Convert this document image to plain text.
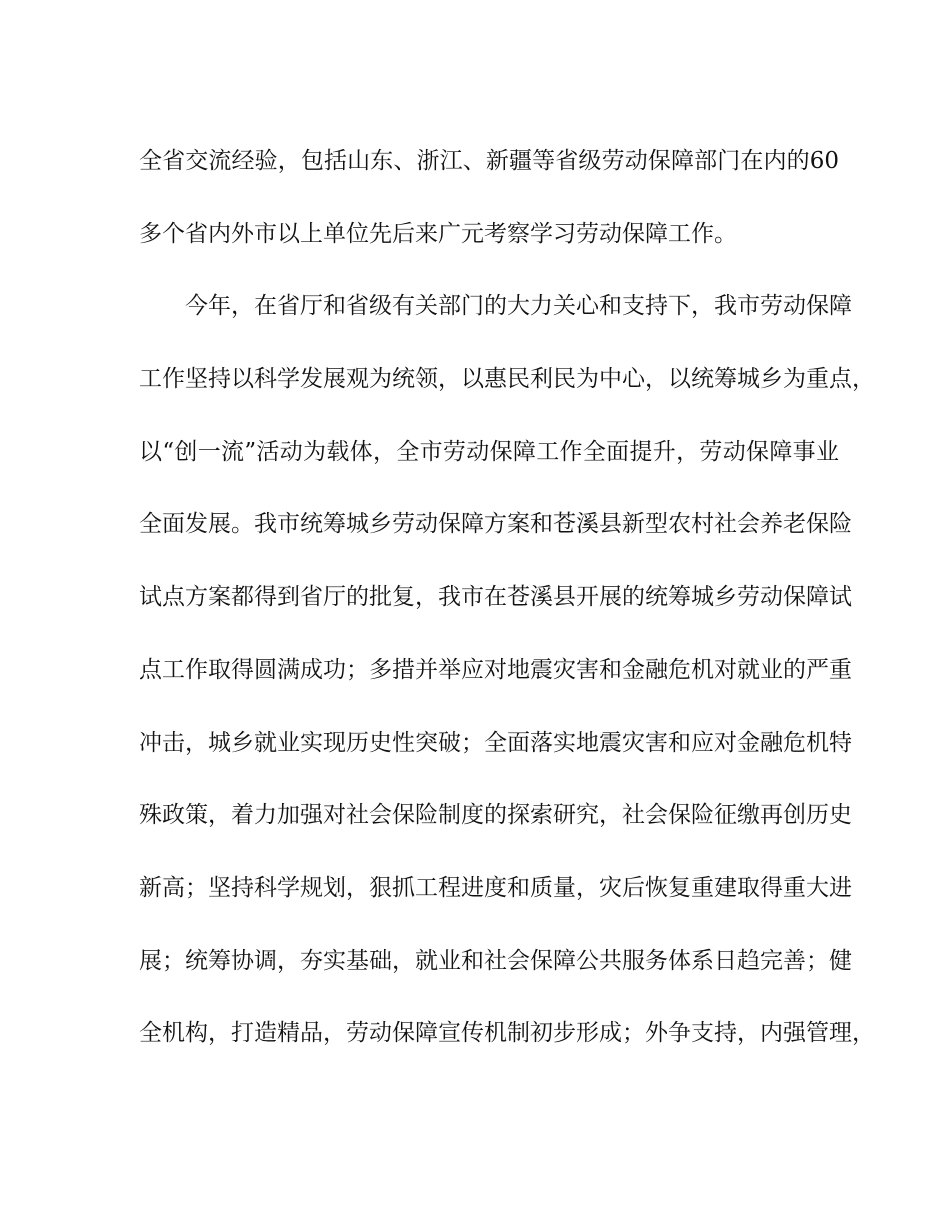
全省交流经验，包括山东、浙江、新疆等省级劳动保障部门在内的60
多个省内外市以上单位先后来广元考察学习劳动保障工作。
今年，在省厅和省级有关部门的大力关心和支持下，我市劳动保障
工作坚持以科学发展观为统领，以惠民利民为中心，以统筹城乡为重点，
以“创一流”活动为载体，全市劳动保障工作全面提升，劳动保障事业
全面发展。我市统筹城乡劳动保障方案和苍溪县新型农村社会养老保险
试点方案都得到省厅的批复，我市在苍溪县开展的统筹城乡劳动保障试
点工作取得圆满成功；多措并举应对地震灾害和金融危机对就业的严重
冲击，城乡就业实现历史性突破；全面落实地震灾害和应对金融危机特
殊政策，着力加强对社会保险制度的探索研究，社会保险征缴再创历史
新高；坚持科学规划，狠抓工程进度和质量，灾后恢复重建取得重大进
展；统筹协调，夯实基础，就业和社会保障公共服务体系日趋完善；健
全机构，打造精品，劳动保障宣传机制初步形成；外争支持，内强管理，
